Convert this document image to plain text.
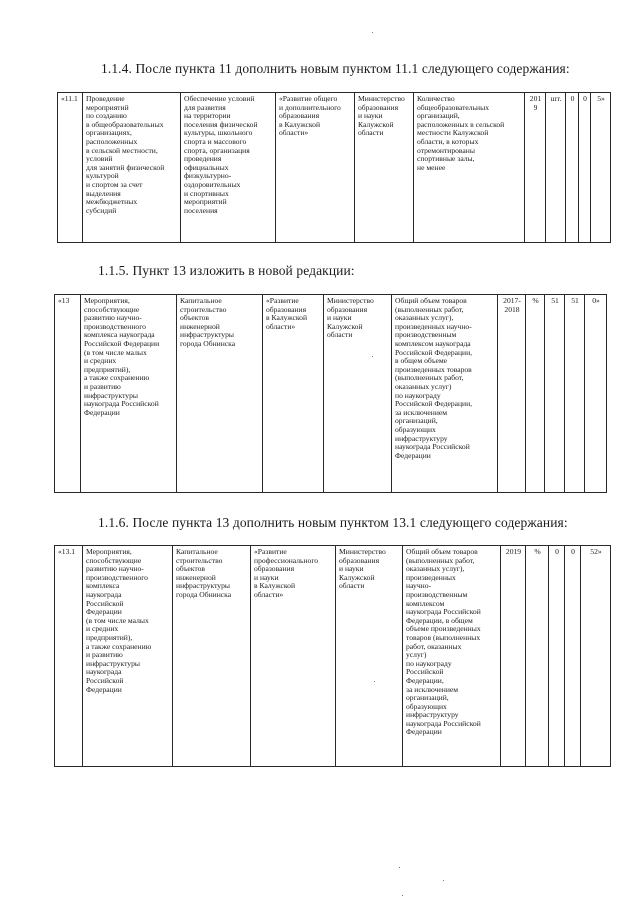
1.1.4. После пункта 11 дополнить новым пунктом 11.1 следующего содержания:
«11.1	Проведение
мероприятий
по созданию
в общеобразовательных
организациях,
расположенных
в сельской местности,
условий
для занятий физической
культурой
и спортом за счет
выделения
межбюджетных
субсидий	Обеспечение условий
для развития
на территории
поселения физической
культуры, школьного
спорта и массового
спорта, организация
проведения
официальных
физкультурно-
оздоровительных
и спортивных
мероприятий
поселения	«Развитие общего
и дополнительного
образования
в Калужской
области»	Министерство
образования
и науки
Калужской
области	Количество
общеобразовательных
организаций,
расположенных в сельской
местности Калужской
области, в которых
отремонтированы
спортивные залы,
не менее	2019	шт.	0	0	5»
1.1.5. Пункт 13 изложить в новой редакции:
«13	Мероприятия,
способствующие
развитию научно-
производственного
комплекса наукограда
Российской Федерации
(в том числе малых
и средних
предприятий),
а также сохранению
и развитию
инфраструктуры
наукограда Российской
Федерации	Капитальное
строительство
объектов
инженерной
инфраструктуры
города Обнинска	«Развитие
образования
в Калужской
области»	Министерство
образования
и науки
Калужской
области	Общий объем товаров
(выполненных работ,
оказанных услуг),
произведенных научно-
производственным
комплексом наукограда
Российской Федерации,
в общем объеме
произведенных товаров
(выполненных работ,
оказанных услуг)
по наукограду
Российской Федерации,
за исключением
организаций,
образующих
инфраструктуру
наукограда Российской
Федерации	2017-
2018	%	51	51	0»
1.1.6. После пункта 13 дополнить новым пунктом 13.1 следующего содержания:
«13.1	Мероприятия,
способствующие
развитию научно-
производственного
комплекса
наукограда
Российской
Федерации
(в том числе малых
и средних
предприятий),
а также сохранению
и развитию
инфраструктуры
наукограда
Российской
Федерации	Капитальное
строительство
объектов
инженерной
инфраструктуры
города Обнинска	«Развитие
профессионального
образования
и науки
в Калужской
области»	Министерство
образования
и науки
Калужской
области	Общий объем товаров
(выполненных работ,
оказанных услуг),
произведенных
научно-
производственным
комплексом
наукограда Российской
Федерации, в общем
объеме произведенных
товаров (выполненных
работ, оказанных
услуг)
по наукограду
Российской
Федерации,
за исключением
организаций,
образующих
инфраструктуру
наукограда Российской
Федерации	2019	%	0	0	52»
